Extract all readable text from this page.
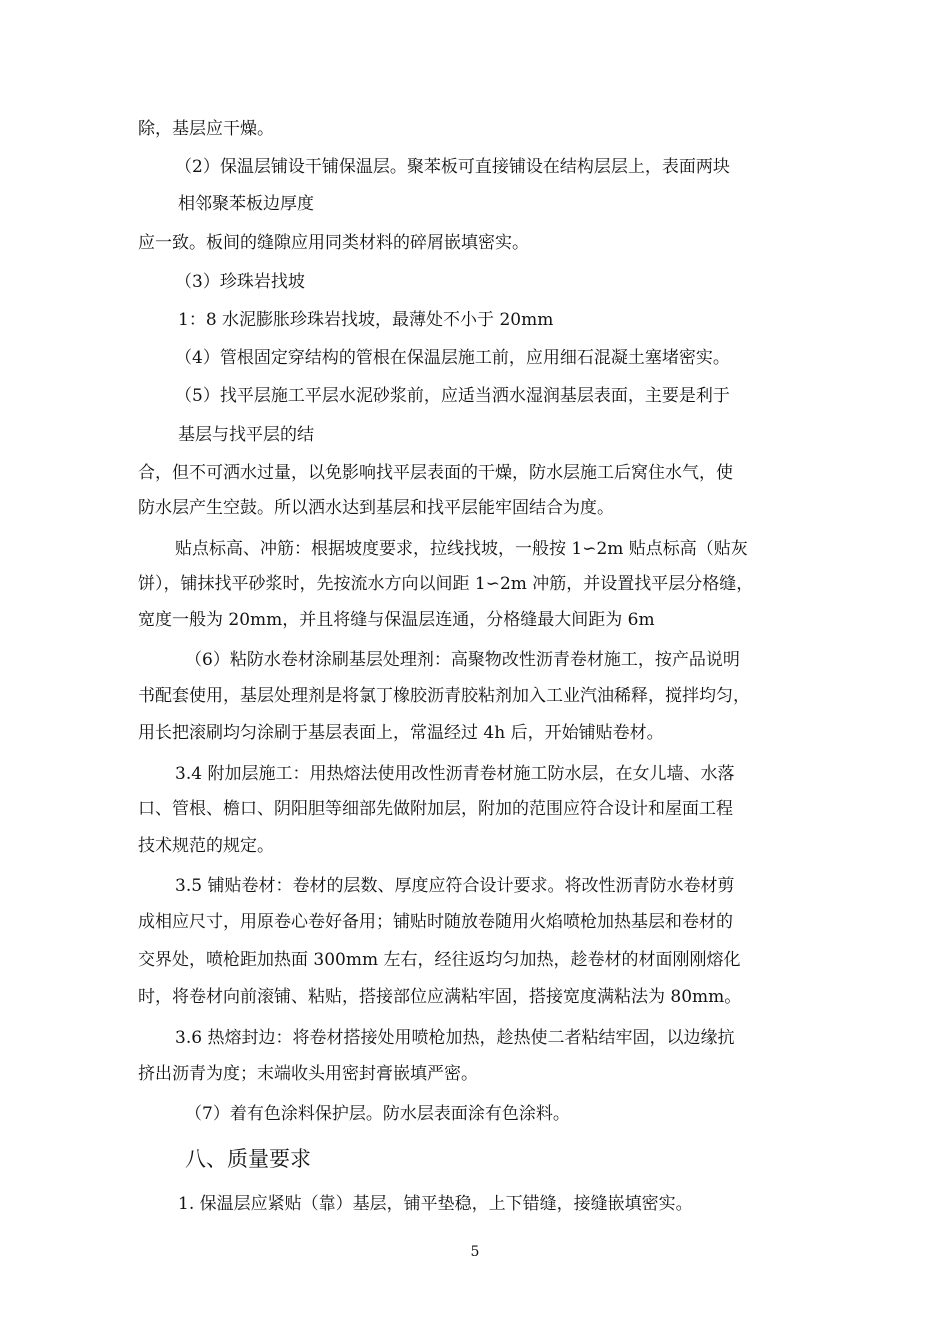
除，基层应干燥。
（2）保温层铺设干铺保温层。聚苯板可直接铺设在结构层层上，表面两块
相邻聚苯板边厚度
应一致。板间的缝隙应用同类材料的碎屑嵌填密实。
（3）珍珠岩找坡
1：8 水泥膨胀珍珠岩找坡，最薄处不小于 20mm
（4）管根固定穿结构的管根在保温层施工前，应用细石混凝土塞堵密实。
（5）找平层施工平层水泥砂浆前，应适当洒水湿润基层表面，主要是利于
基层与找平层的结
合，但不可洒水过量，以免影响找平层表面的干燥，防水层施工后窝住水气，使
防水层产生空鼓。所以洒水达到基层和找平层能牢固结合为度。
贴点标高、冲筋：根据坡度要求，拉线找坡，一般按 1∽2m 贴点标高（贴灰
饼），铺抹找平砂浆时，先按流水方向以间距 1∽2m 冲筋，并设置找平层分格缝，
宽度一般为 20mm，并且将缝与保温层连通，分格缝最大间距为 6m
（6）粘防水卷材涂刷基层处理剂：高聚物改性沥青卷材施工，按产品说明
书配套使用，基层处理剂是将氯丁橡胶沥青胶粘剂加入工业汽油稀释，搅拌均匀，
用长把滚刷均匀涂刷于基层表面上，常温经过 4h 后，开始铺贴卷材。
3.4 附加层施工：用热熔法使用改性沥青卷材施工防水层，在女儿墙、水落
口、管根、檐口、阴阳胆等细部先做附加层，附加的范围应符合设计和屋面工程
技术规范的规定。
3.5 铺贴卷材：卷材的层数、厚度应符合设计要求。将改性沥青防水卷材剪
成相应尺寸，用原卷心卷好备用；铺贴时随放卷随用火焰喷枪加热基层和卷材的
交界处，喷枪距加热面 300mm 左右，经往返均匀加热，趁卷材的材面刚刚熔化
时，将卷材向前滚铺、粘贴，搭接部位应满粘牢固，搭接宽度满粘法为 80mm。
3.6 热熔封边：将卷材搭接处用喷枪加热，趁热使二者粘结牢固，以边缘抗
挤出沥青为度；末端收头用密封膏嵌填严密。
（7）着有色涂料保护层。防水层表面涂有色涂料。
八、质量要求
1. 保温层应紧贴（靠）基层，铺平垫稳，上下错缝，接缝嵌填密实。
5
